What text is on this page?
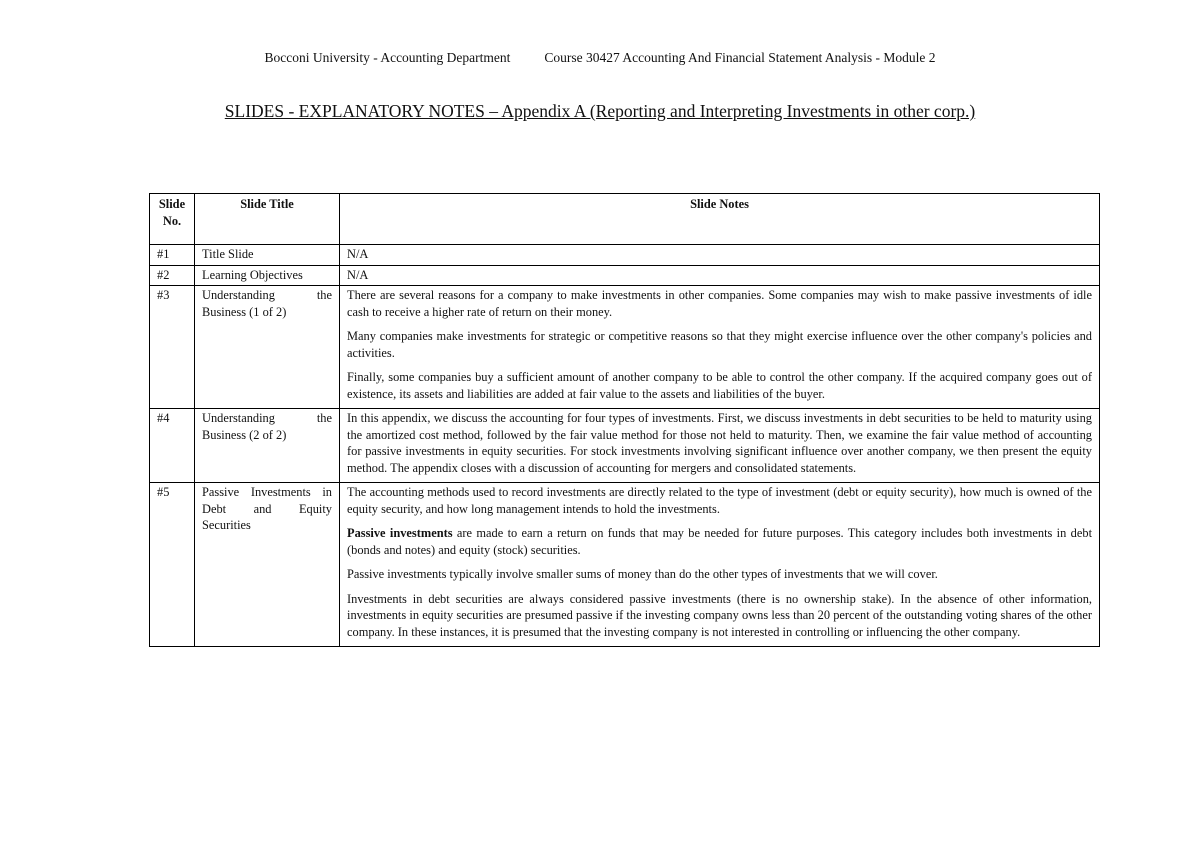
Bocconi University - Accounting Department	Course 30427 Accounting And Financial Statement Analysis - Module 2
SLIDES - EXPLANATORY NOTES – Appendix A (Reporting and Interpreting Investments in other corp.)
Slide No.	Slide Title	Slide Notes
#1	Title Slide	N/A

#2	Learning Objectives	N/A

#3	Understanding the Business (1 of 2)	There are several reasons for a company to make investments in other companies. Some companies may wish to make passive investments of idle cash to receive a higher rate of return on their money.

Many companies make investments for strategic or competitive reasons so that they might exercise influence over the other company's policies and activities.

Finally, some companies buy a sufficient amount of another company to be able to control the other company. If the acquired company goes out of existence, its assets and liabilities are added at fair value to the assets and liabilities of the buyer.

#4	Understanding the Business (2 of 2)	In this appendix, we discuss the accounting for four types of investments. First, we discuss investments in debt securities to be held to maturity using the amortized cost method, followed by the fair value method for those not held to maturity. Then, we examine the fair value method of accounting for passive investments in equity securities. For stock investments involving significant influence over another company, we then present the equity method. The appendix closes with a discussion of accounting for mergers and consolidated statements.

#5	Passive Investments in Debt and Equity Securities	The accounting methods used to record investments are directly related to the type of investment (debt or equity security), how much is owned of the equity security, and how long management intends to hold the investments.

Passive investments are made to earn a return on funds that may be needed for future purposes. This category includes both investments in debt (bonds and notes) and equity (stock) securities.

Passive investments typically involve smaller sums of money than do the other types of investments that we will cover.

Investments in debt securities are always considered passive investments (there is no ownership stake). In the absence of other information, investments in equity securities are presumed passive if the investing company owns less than 20 percent of the outstanding voting shares of the other company. In these instances, it is presumed that the investing company is not interested in controlling or influencing the other company.
